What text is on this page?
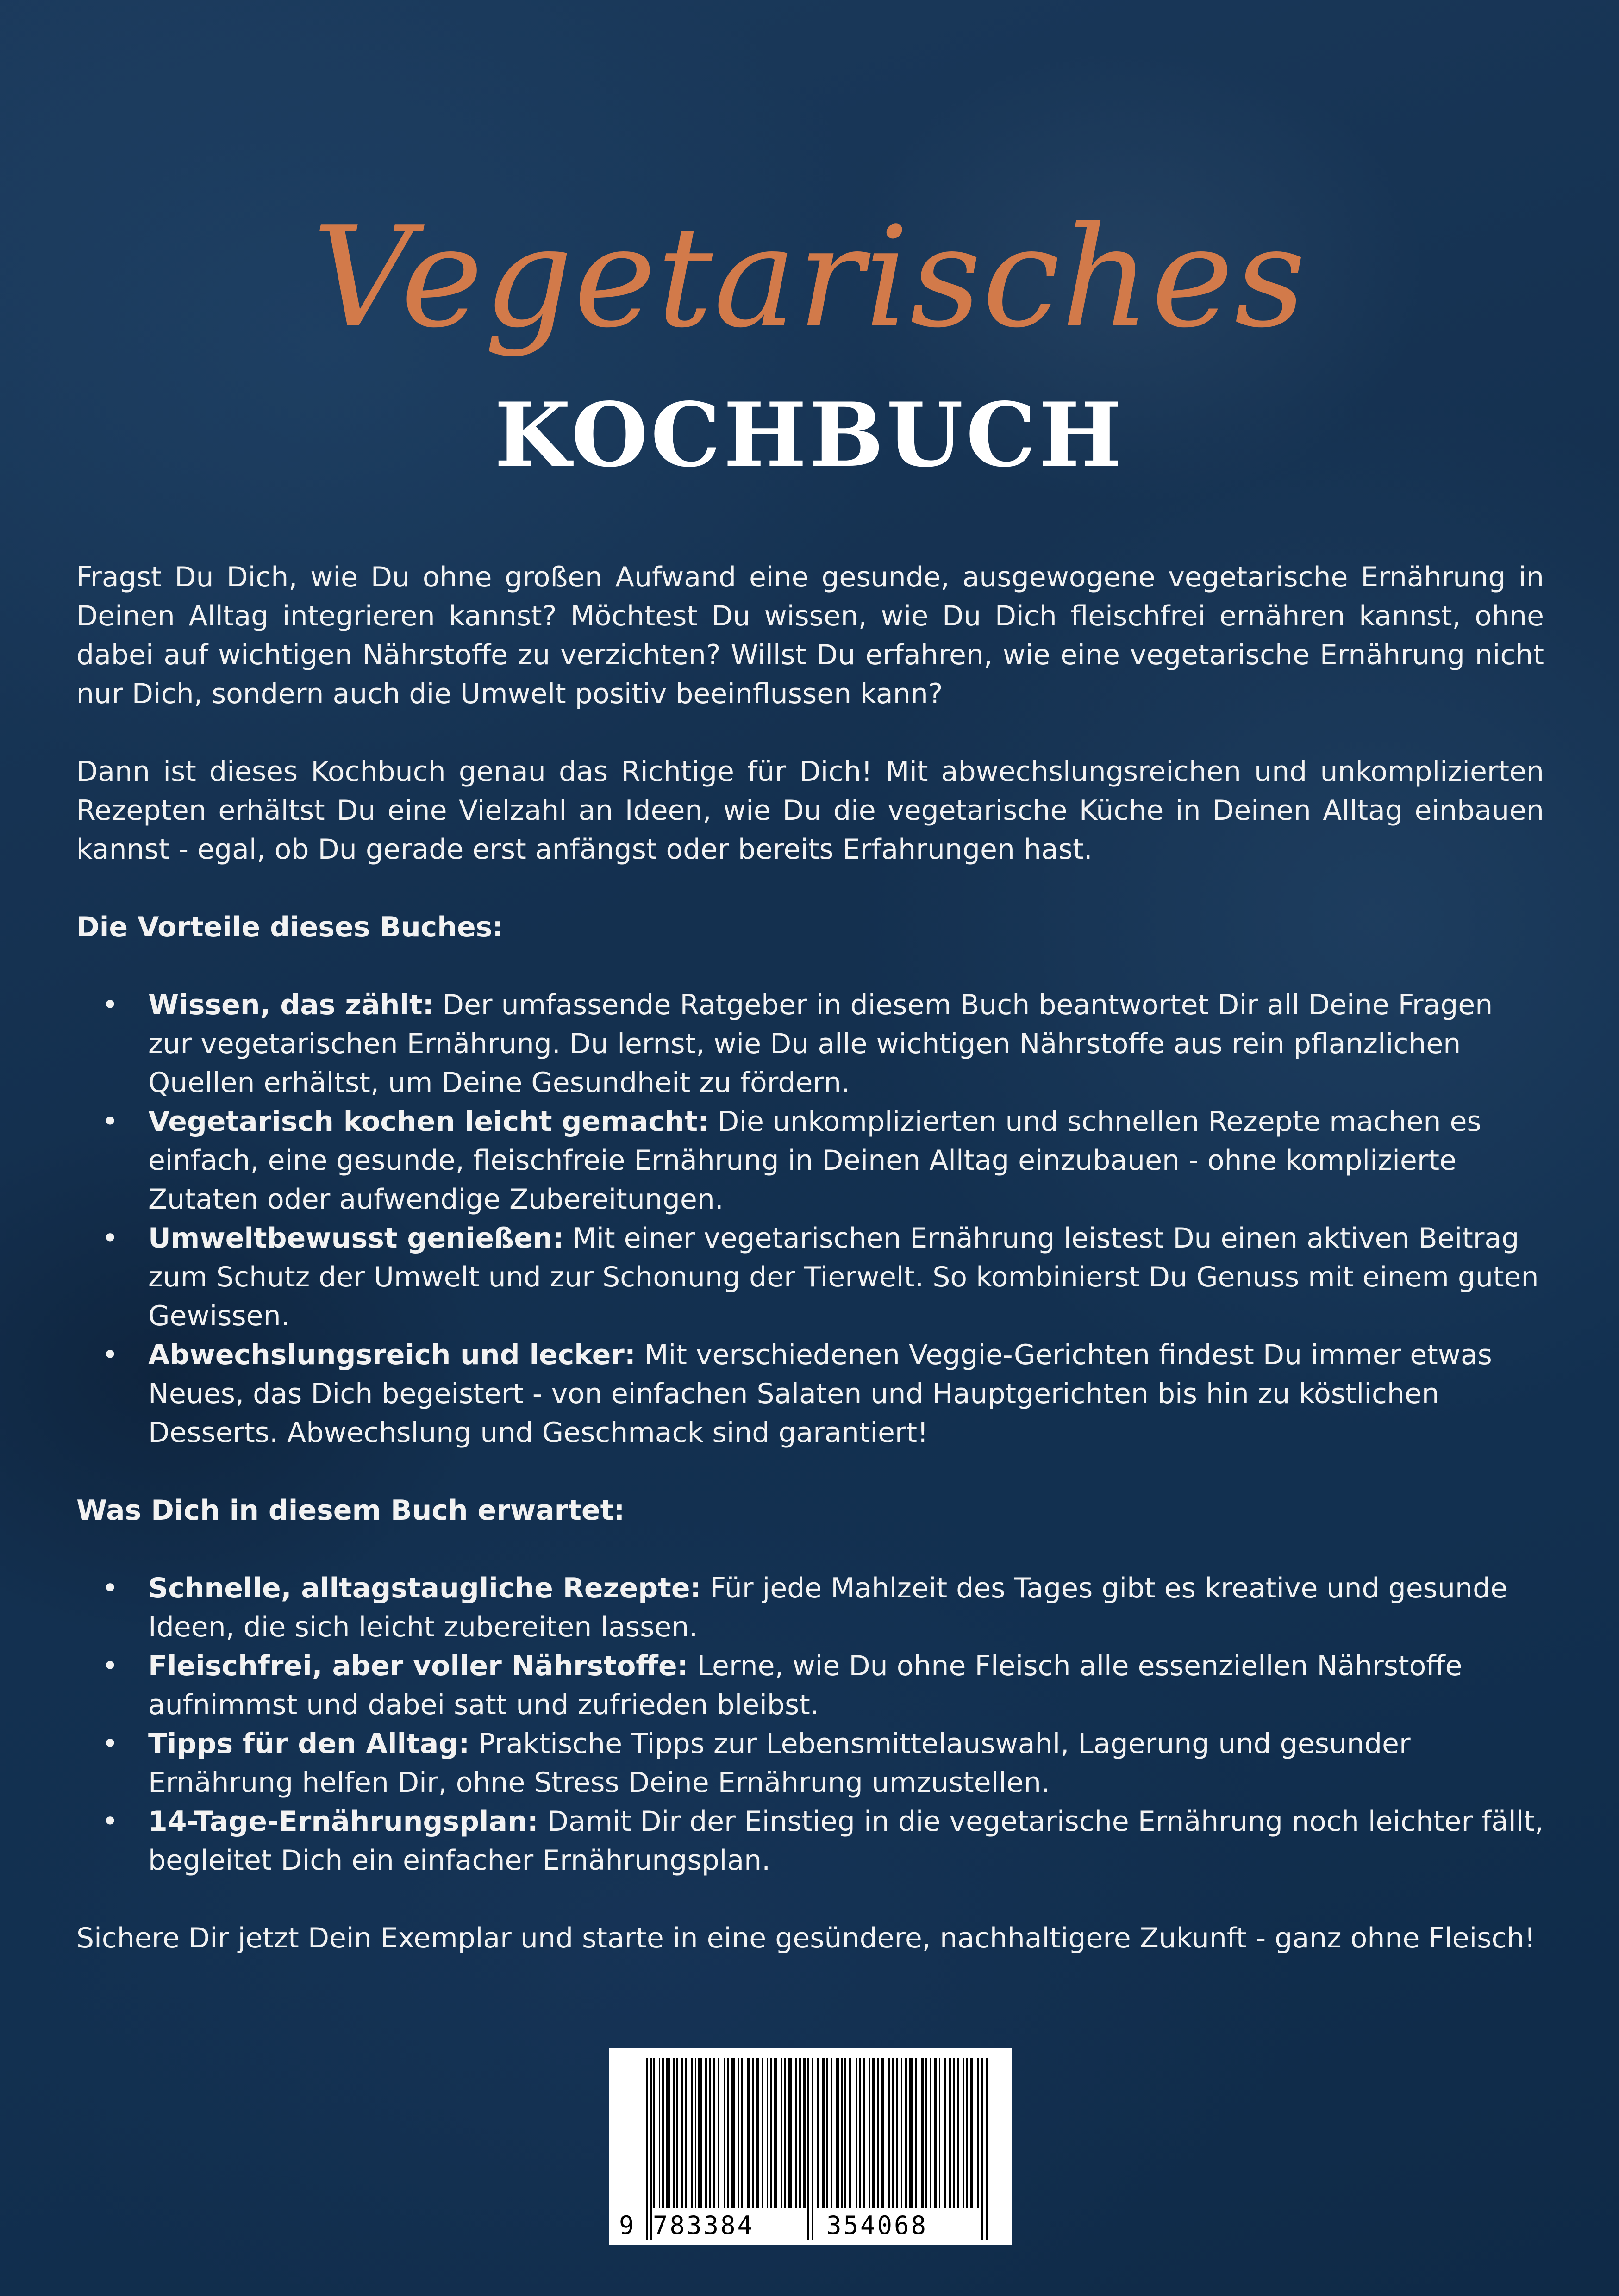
Vegetarisches
KOCHBUCH

Fragst Du Dich, wie Du ohne großen Aufwand eine gesunde, ausgewogene vegetarische Ernährung in Deinen Alltag integrieren kannst? Möchtest Du wissen, wie Du Dich fleischfrei ernähren kannst, ohne dabei auf wichtigen Nährstoffe zu verzichten? Willst Du erfahren, wie eine vegetarische Ernährung nicht nur Dich, sondern auch die Umwelt positiv beeinflussen kann?

Dann ist dieses Kochbuch genau das Richtige für Dich! Mit abwechslungsreichen und unkomplizierten Rezepten erhältst Du eine Vielzahl an Ideen, wie Du die vegetarische Küche in Deinen Alltag einbauen kannst - egal, ob Du gerade erst anfängst oder bereits Erfahrungen hast.

Die Vorteile dieses Buches:

• Wissen, das zählt: Der umfassende Ratgeber in diesem Buch beantwortet Dir all Deine Fragen zur vegetarischen Ernährung. Du lernst, wie Du alle wichtigen Nährstoffe aus rein pflanzlichen Quellen erhältst, um Deine Gesundheit zu fördern.
• Vegetarisch kochen leicht gemacht: Die unkomplizierten und schnellen Rezepte machen es einfach, eine gesunde, fleischfreie Ernährung in Deinen Alltag einzubauen - ohne komplizierte Zutaten oder aufwendige Zubereitungen.
• Umweltbewusst genießen: Mit einer vegetarischen Ernährung leistest Du einen aktiven Beitrag zum Schutz der Umwelt und zur Schonung der Tierwelt. So kombinierst Du Genuss mit einem guten Gewissen.
• Abwechslungsreich und lecker: Mit verschiedenen Veggie-Gerichten findest Du immer etwas Neues, das Dich begeistert - von einfachen Salaten und Hauptgerichten bis hin zu köstlichen Desserts. Abwechslung und Geschmack sind garantiert!

Was Dich in diesem Buch erwartet:

• Schnelle, alltagstaugliche Rezepte: Für jede Mahlzeit des Tages gibt es kreative und gesunde Ideen, die sich leicht zubereiten lassen.
• Fleischfrei, aber voller Nährstoffe: Lerne, wie Du ohne Fleisch alle essenziellen Nährstoffe aufnimmst und dabei satt und zufrieden bleibst.
• Tipps für den Alltag: Praktische Tipps zur Lebensmittelauswahl, Lagerung und gesunder Ernährung helfen Dir, ohne Stress Deine Ernährung umzustellen.
• 14-Tage-Ernährungsplan: Damit Dir der Einstieg in die vegetarische Ernährung noch leichter fällt, begleitet Dich ein einfacher Ernährungsplan.

Sichere Dir jetzt Dein Exemplar und starte in eine gesündere, nachhaltigere Zukunft - ganz ohne Fleisch!

9 783384	354068
